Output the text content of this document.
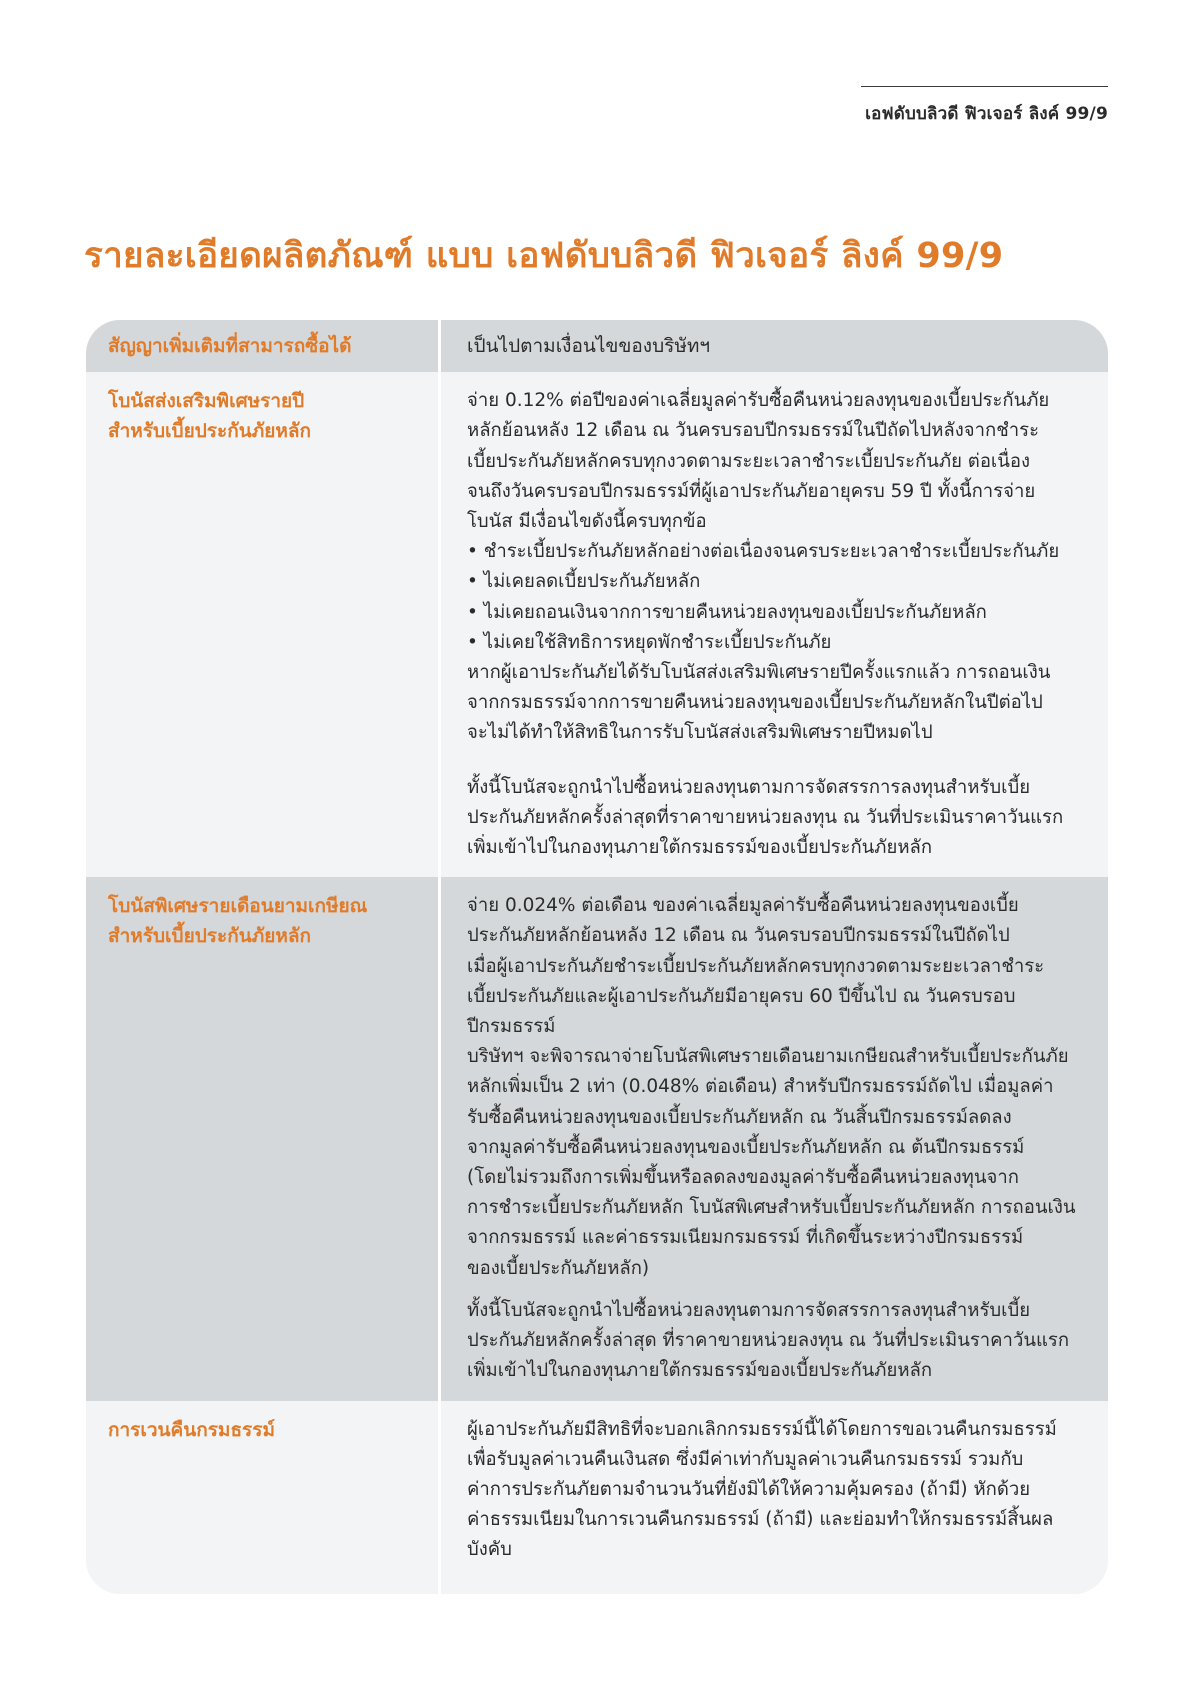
เอฟดับบลิวดี ฟิวเจอร์ ลิงค์ 99/9
รายละเอียดผลิตภัณฑ์ แบบ เอฟดับบลิวดี ฟิวเจอร์ ลิงค์ 99/9
สัญญาเพิ่มเติมที่สามารถซื้อได้	เป็นไปตามเงื่อนไขของบริษัทฯ
โบนัสส่งเสริมพิเศษรายปี
สำหรับเบี้ยประกันภัยหลัก
จ่าย 0.12% ต่อปีของค่าเฉลี่ยมูลค่ารับซื้อคืนหน่วยลงทุนของเบี้ยประกันภัย
หลักย้อนหลัง 12 เดือน ณ วันครบรอบปีกรมธรรม์ในปีถัดไปหลังจากชำระ
เบี้ยประกันภัยหลักครบทุกงวดตามระยะเวลาชำระเบี้ยประกันภัย ต่อเนื่อง
จนถึงวันครบรอบปีกรมธรรม์ที่ผู้เอาประกันภัยอายุครบ 59 ปี ทั้งนี้การจ่าย
โบนัส มีเงื่อนไขดังนี้ครบทุกข้อ
• ชำระเบี้ยประกันภัยหลักอย่างต่อเนื่องจนครบระยะเวลาชำระเบี้ยประกันภัย
• ไม่เคยลดเบี้ยประกันภัยหลัก
• ไม่เคยถอนเงินจากการขายคืนหน่วยลงทุนของเบี้ยประกันภัยหลัก
• ไม่เคยใช้สิทธิการหยุดพักชำระเบี้ยประกันภัย
หากผู้เอาประกันภัยได้รับโบนัสส่งเสริมพิเศษรายปีครั้งแรกแล้ว การถอนเงิน
จากกรมธรรม์จากการขายคืนหน่วยลงทุนของเบี้ยประกันภัยหลักในปีต่อไป
จะไม่ได้ทำให้สิทธิในการรับโบนัสส่งเสริมพิเศษรายปีหมดไป
ทั้งนี้โบนัสจะถูกนำไปซื้อหน่วยลงทุนตามการจัดสรรการลงทุนสำหรับเบี้ย
ประกันภัยหลักครั้งล่าสุดที่ราคาขายหน่วยลงทุน ณ วันที่ประเมินราคาวันแรก
เพิ่มเข้าไปในกองทุนภายใต้กรมธรรม์ของเบี้ยประกันภัยหลัก
โบนัสพิเศษรายเดือนยามเกษียณ
สำหรับเบี้ยประกันภัยหลัก
จ่าย 0.024% ต่อเดือน ของค่าเฉลี่ยมูลค่ารับซื้อคืนหน่วยลงทุนของเบี้ย
ประกันภัยหลักย้อนหลัง 12 เดือน ณ วันครบรอบปีกรมธรรม์ในปีถัดไป
เมื่อผู้เอาประกันภัยชำระเบี้ยประกันภัยหลักครบทุกงวดตามระยะเวลาชำระ
เบี้ยประกันภัยและผู้เอาประกันภัยมีอายุครบ 60 ปีขึ้นไป ณ วันครบรอบ
ปีกรมธรรม์
บริษัทฯ จะพิจารณาจ่ายโบนัสพิเศษรายเดือนยามเกษียณสำหรับเบี้ยประกันภัย
หลักเพิ่มเป็น 2 เท่า (0.048% ต่อเดือน) สำหรับปีกรมธรรม์ถัดไป เมื่อมูลค่า
รับซื้อคืนหน่วยลงทุนของเบี้ยประกันภัยหลัก ณ วันสิ้นปีกรมธรรม์ลดลง
จากมูลค่ารับซื้อคืนหน่วยลงทุนของเบี้ยประกันภัยหลัก ณ ต้นปีกรมธรรม์
(โดยไม่รวมถึงการเพิ่มขึ้นหรือลดลงของมูลค่ารับซื้อคืนหน่วยลงทุนจาก
การชำระเบี้ยประกันภัยหลัก โบนัสพิเศษสำหรับเบี้ยประกันภัยหลัก การถอนเงิน
จากกรมธรรม์ และค่าธรรมเนียมกรมธรรม์ ที่เกิดขึ้นระหว่างปีกรมธรรม์
ของเบี้ยประกันภัยหลัก)
ทั้งนี้โบนัสจะถูกนำไปซื้อหน่วยลงทุนตามการจัดสรรการลงทุนสำหรับเบี้ย
ประกันภัยหลักครั้งล่าสุด ที่ราคาขายหน่วยลงทุน ณ วันที่ประเมินราคาวันแรก
เพิ่มเข้าไปในกองทุนภายใต้กรมธรรม์ของเบี้ยประกันภัยหลัก
การเวนคืนกรมธรรม์	ผู้เอาประกันภัยมีสิทธิที่จะบอกเลิกกรมธรรม์นี้ได้โดยการขอเวนคืนกรมธรรม์
เพื่อรับมูลค่าเวนคืนเงินสด ซึ่งมีค่าเท่ากับมูลค่าเวนคืนกรมธรรม์ รวมกับ
ค่าการประกันภัยตามจำนวนวันที่ยังมิได้ให้ความคุ้มครอง (ถ้ามี) หักด้วย
ค่าธรรมเนียมในการเวนคืนกรมธรรม์ (ถ้ามี) และย่อมทำให้กรมธรรม์สิ้นผล
บังคับ
